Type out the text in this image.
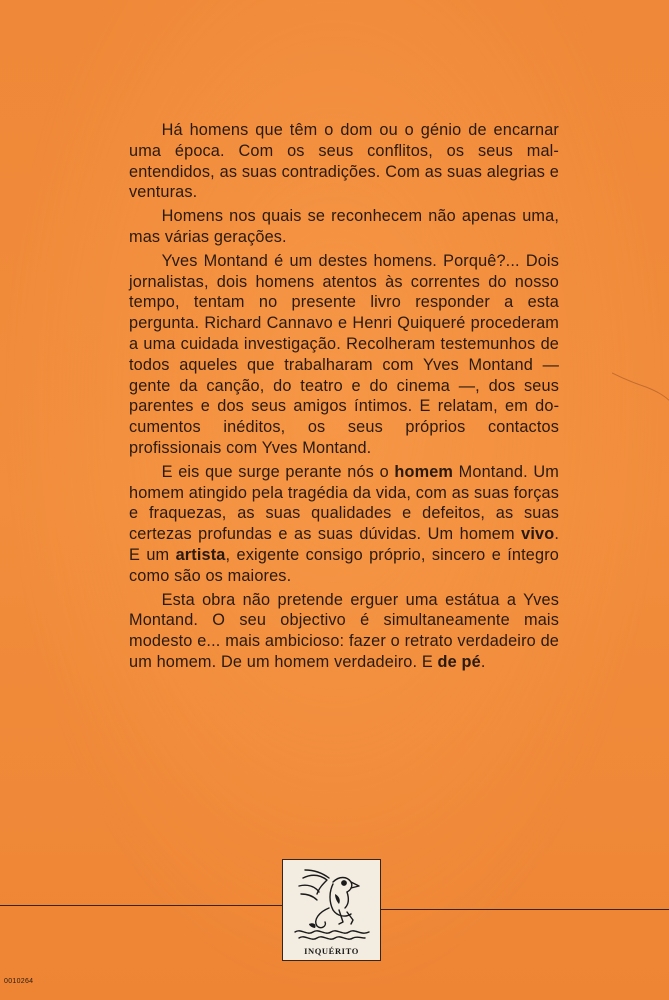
Há homens que têm o dom ou o génio de encarnar uma época. Com os seus conflitos, os seus mal-entendidos, as suas contradições. Com as suas alegrias e venturas.

Homens nos quais se reconhecem não apenas uma, mas várias gerações.

Yves Montand é um destes homens. Porquê?... Dois jornalistas, dois homens atentos às correntes do nosso tempo, tentam no presente livro responder a esta pergunta. Richard Cannavo e Henri Quiqueré procederam a uma cuidada investigação. Recolheram testemunhos de todos aqueles que trabalharam com Yves Montand — gente da canção, do teatro e do cinema —, dos seus parentes e dos seus amigos íntimos. E relatam, em documentos inéditos, os seus próprios contactos profissionais com Yves Montand.

E eis que surge perante nós o homem Montand. Um homem atingido pela tragédia da vida, com as suas forças e fraquezas, as suas qualidades e defeitos, as suas certezas profundas e as suas dúvidas. Um homem vivo. E um artista, exigente consigo próprio, sincero e íntegro como são os maiores.

Esta obra não pretende erguer uma estátua a Yves Montand. O seu objectivo é simultaneamente mais modesto e... mais ambicioso: fazer o retrato verdadeiro de um homem. De um homem verdadeiro. E de pé.

INQUÉRITO
0010264
